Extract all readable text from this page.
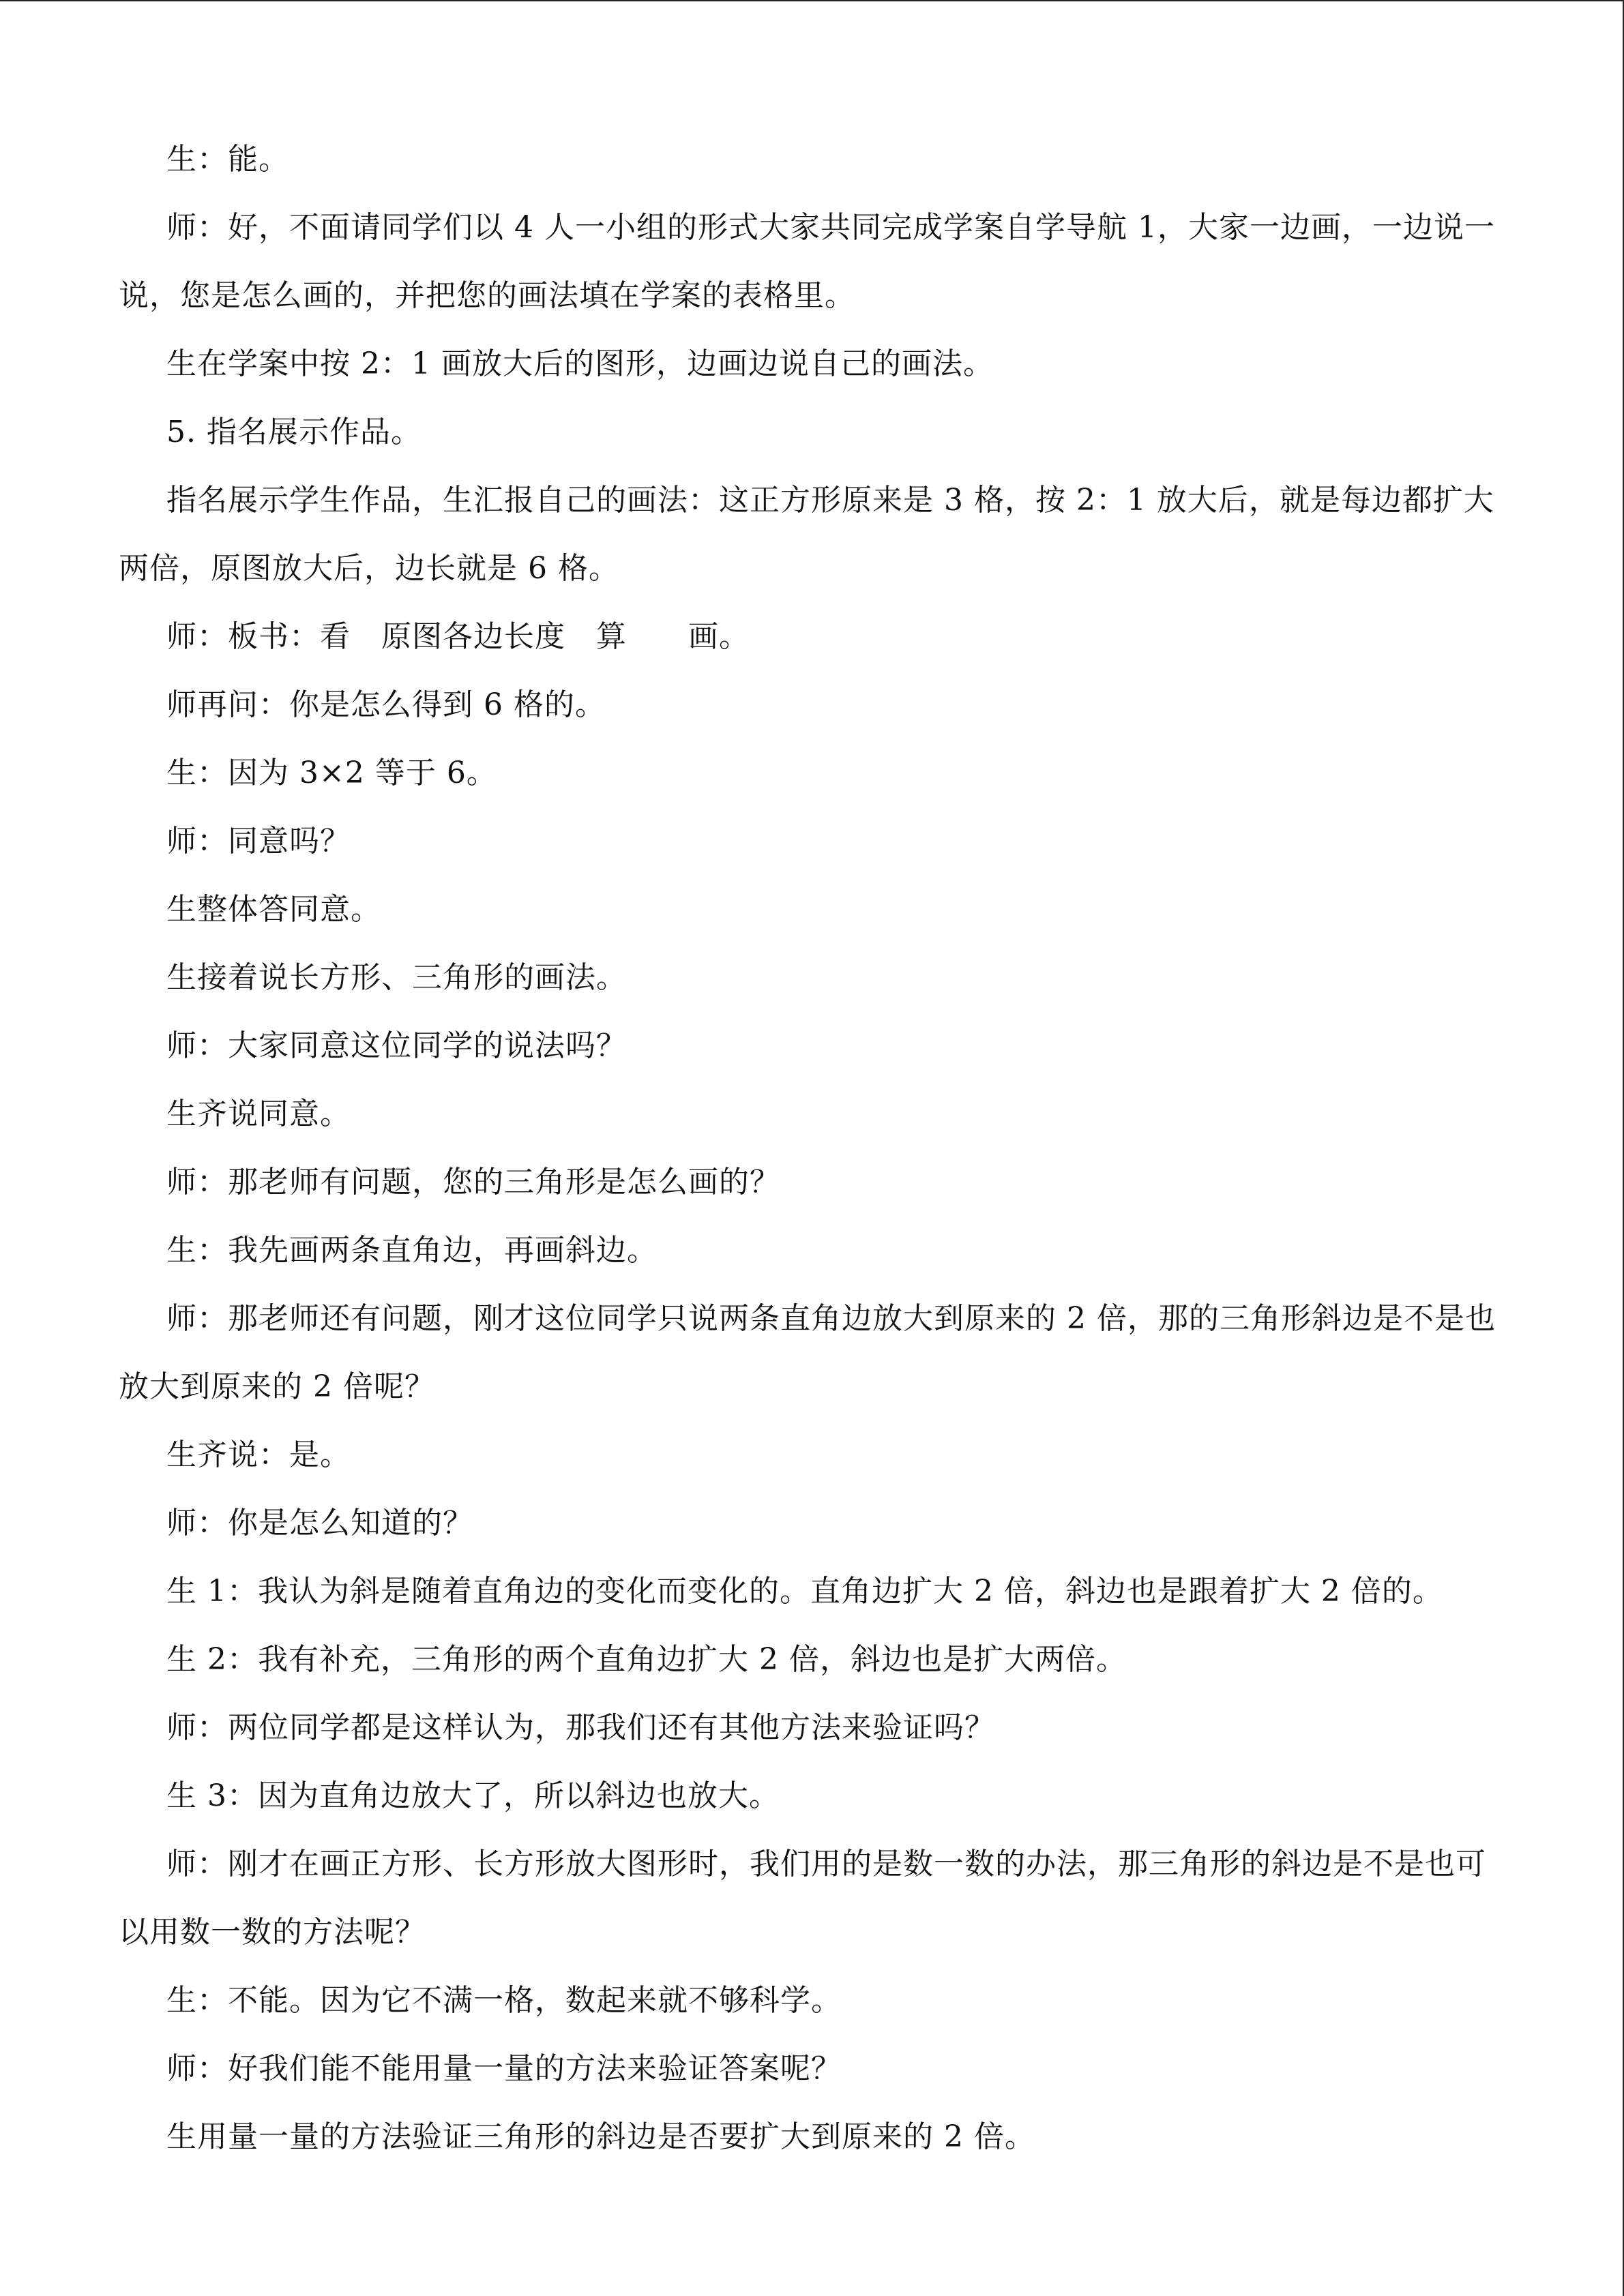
生：能。

师：好，不面请同学们以 4 人一小组的形式大家共同完成学案自学导航 1，大家一边画，一边说一说，您是怎么画的，并把您的画法填在学案的表格里。

生在学案中按 2：1 画放大后的图形，边画边说自己的画法。

5. 指名展示作品。

指名展示学生作品，生汇报自己的画法：这正方形原来是 3 格，按 2：1 放大后，就是每边都扩大两倍，原图放大后，边长就是 6 格。

师：板书：看　原图各边长度　算　　画。

师再问：你是怎么得到 6 格的。

生：因为 3×2 等于 6。

师：同意吗？

生整体答同意。

生接着说长方形、三角形的画法。

师：大家同意这位同学的说法吗？

生齐说同意。

师：那老师有问题，您的三角形是怎么画的？

生：我先画两条直角边，再画斜边。

师：那老师还有问题，刚才这位同学只说两条直角边放大到原来的 2 倍，那的三角形斜边是不是也放大到原来的 2 倍呢？

生齐说：是。

师：你是怎么知道的？

生 1：我认为斜是随着直角边的变化而变化的。直角边扩大 2 倍，斜边也是跟着扩大 2 倍的。

生 2：我有补充，三角形的两个直角边扩大 2 倍，斜边也是扩大两倍。

师：两位同学都是这样认为，那我们还有其他方法来验证吗？

生 3：因为直角边放大了，所以斜边也放大。

师：刚才在画正方形、长方形放大图形时，我们用的是数一数的办法，那三角形的斜边是不是也可以用数一数的方法呢？

生：不能。因为它不满一格，数起来就不够科学。

师：好我们能不能用量一量的方法来验证答案呢？

生用量一量的方法验证三角形的斜边是否要扩大到原来的 2 倍。
